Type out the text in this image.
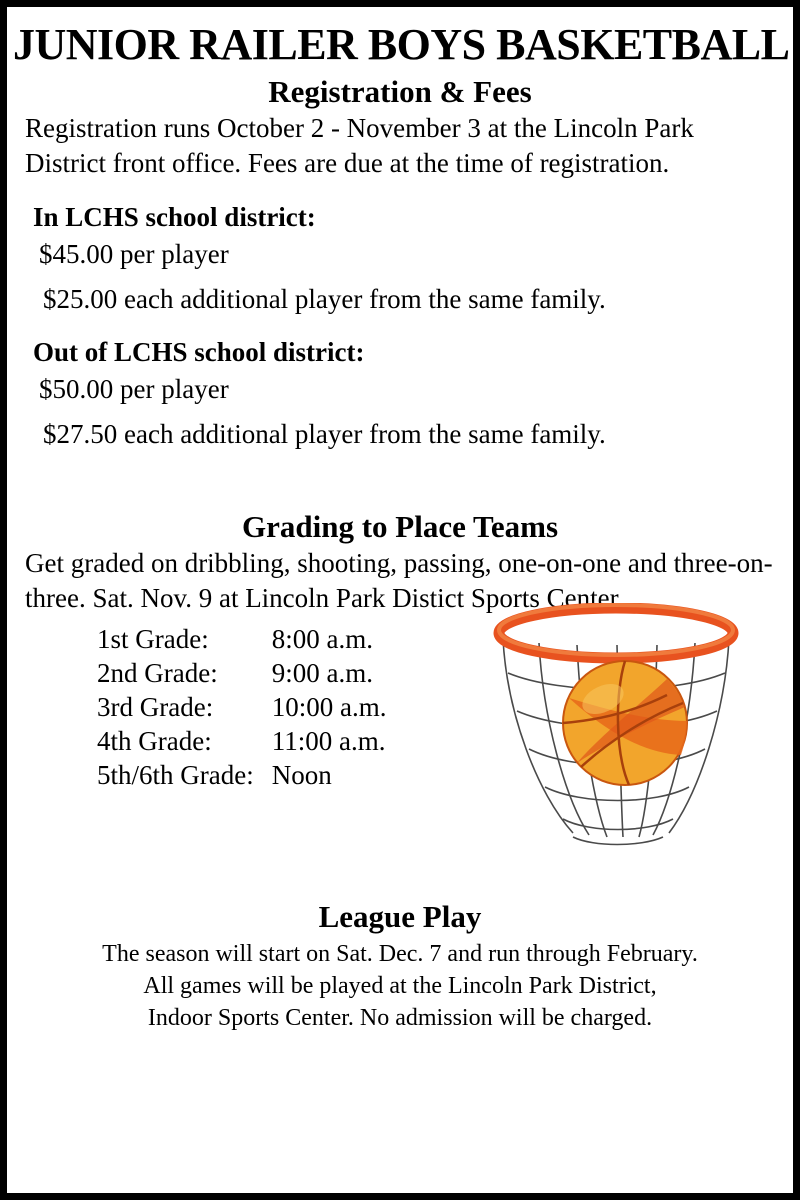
JUNIOR RAILER BOYS BASKETBALL
Registration & Fees
Registration runs October 2 - November 3 at the Lincoln Park District front office. Fees are due at the time of registration.
In LCHS school district:
$45.00 per player
$25.00 each additional player from the same family.
Out of LCHS school district:
$50.00 per player
$27.50 each additional player from the same family.
Grading to Place Teams
Get graded on dribbling, shooting, passing, one-on-one and three-on-three. Sat. Nov. 9 at Lincoln Park Distict Sports Center.
1st Grade:	8:00 a.m.
2nd Grade:	9:00 a.m.
3rd Grade:	10:00 a.m.
4th Grade:	11:00 a.m.
5th/6th Grade:	Noon
League Play
The season will start on Sat. Dec. 7 and run through February.
All games will be played at the Lincoln Park District,
Indoor Sports Center. No admission will be charged.
